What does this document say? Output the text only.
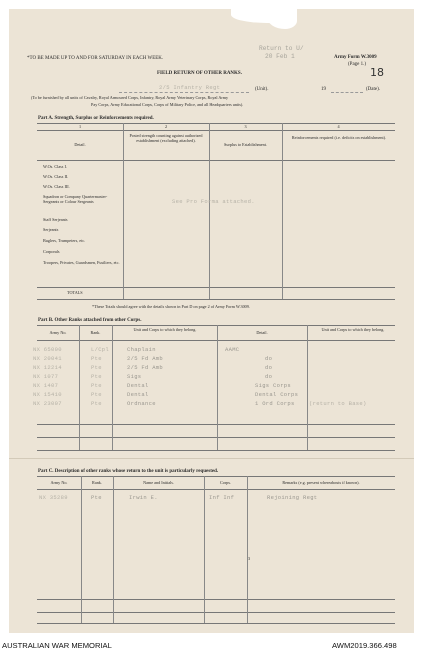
*TO BE MADE UP TO AND FOR SATURDAY IN EACH WEEK.	Army Form W.3009
(Page 1.)
18
Return to U/
20 Feb 1
FIELD RETURN OF OTHER RANKS.
2/5 Infantry Regt	(Unit).	19	(Date).
(To be furnished by all units of Cavalry, Royal Armoured Corps, Infantry, Royal Army Veterinary Corps, Royal Army
Pay Corps, Army Educational Corps, Corps of Military Police, and all Headquarters units).
Part A. Strength, Surplus or Reinforcements required.
1	2	3	4
Detail.
Posted strength counting against authorized establishment (excluding attached).
Surplus to Establishment.
Reinforcements required (i.e. deficits on establishment).
W.Os. Class I.
W.Os. Class II.
W.Os. Class III.
Squadron or Company Quartermaster-Sergeants or Colour Sergeants
Staff Serjeants
Serjeants
Buglers, Trumpeters, etc.
Corporals
Troopers, Privates, Guardsmen, Fusiliers, etc.
See Pro Forma attached.
TOTALS
*These Totals should agree with the details shown in Part D on page 2 of Army Form W.3009.
Part B. Other Ranks attached from other Corps.
Army No.	Rank.
Unit and Corps to which they belong.
Detail.
Unit and Corps to which they belong.
NX 65000	L/Cpl	Chaplain	AAMC
NX 20041	Pte	2/5 Fd Amb	do
NX 12214	Pte	2/5 Fd Amb	do
NX 1077	Pte	Sigs	do
NX 1407	Pte	Dental	Sigs Corps
NX 15410	Pte	Dental	Dental Corps
NX 23007	Pte	Ordnance	1 Ord Corps	(return to Base)
Part C. Description of other ranks whose return to the unit is particularly requested.
Army No.	Rank.	Name and Initials.	Corps.	Remarks (e.g. present whereabouts if known).
NX 35289	Pte	Irwin E.	Inf Inf	Rejoining Regt
3
AUSTRALIAN WAR MEMORIAL	AWM2019.366.498
